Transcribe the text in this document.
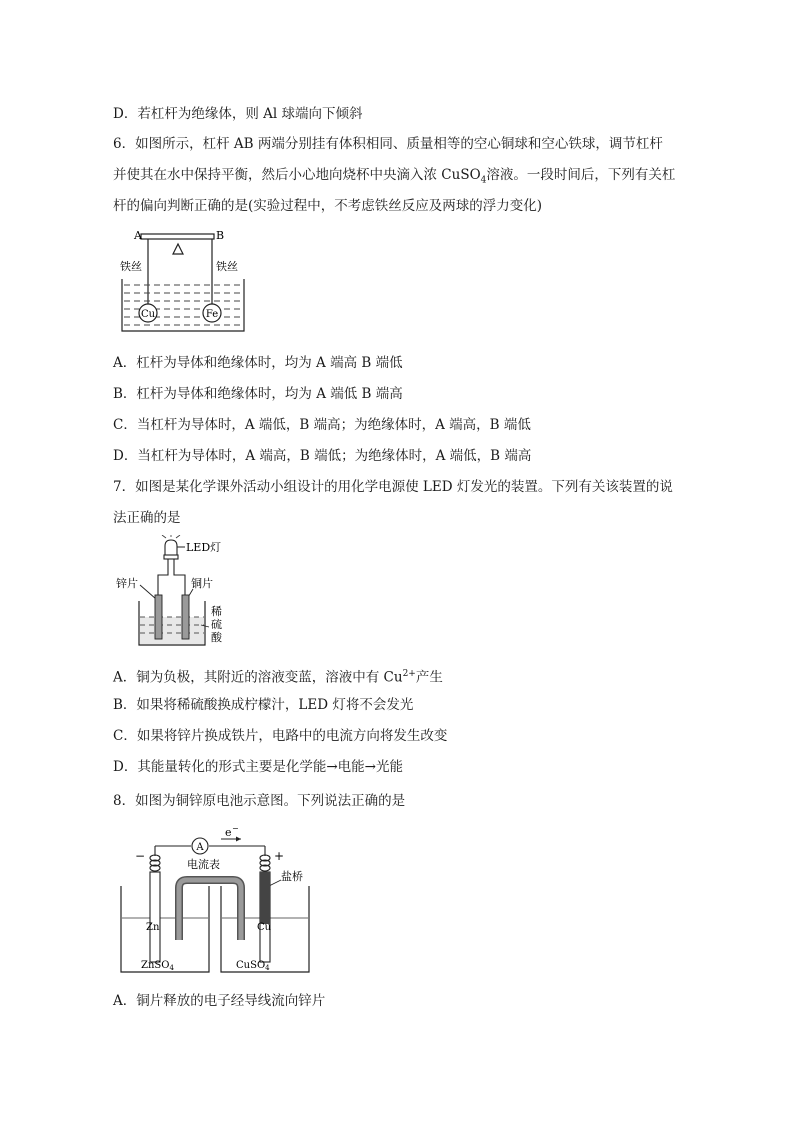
D．若杠杆为绝缘体，则 Al 球端向下倾斜
6．如图所示，杠杆 AB 两端分别挂有体积相同、质量相等的空心铜球和空心铁球，调节杠杆
并使其在水中保持平衡，然后小心地向烧杯中央滴入浓 CuSO$_4$溶液。一段时间后，下列有关杠
杆的偏向判断正确的是(实验过程中，不考虑铁丝反应及两球的浮力变化)
A	B
铁丝	铁丝
Cu	Fe
A．杠杆为导体和绝缘体时，均为 A 端高 B 端低
B．杠杆为导体和绝缘体时，均为 A 端低 B 端高
C．当杠杆为导体时，A 端低，B 端高；为绝缘体时，A 端高，B 端低
D．当杠杆为导体时，A 端高，B 端低；为绝缘体时，A 端低，B 端高
7．如图是某化学课外活动小组设计的用化学电源使 LED 灯发光的装置。下列有关该装置的说
法正确的是
LED灯
锌片	铜片
稀
硫
酸
A．铜为负极，其附近的溶液变蓝，溶液中有 $Cu^{2+}$产生
B．如果将稀硫酸换成柠檬汁，LED 灯将不会发光
C．如果将锌片换成铁片，电路中的电流方向将发生改变
D．其能量转化的形式主要是化学能→电能→光能
8．如图为铜锌原电池示意图。下列说法正确的是
A
电流表
e −
−	+
盐桥
Zn	Cu
ZnSO$_4$	CuSO$_4$
A．铜片释放的电子经导线流向锌片
